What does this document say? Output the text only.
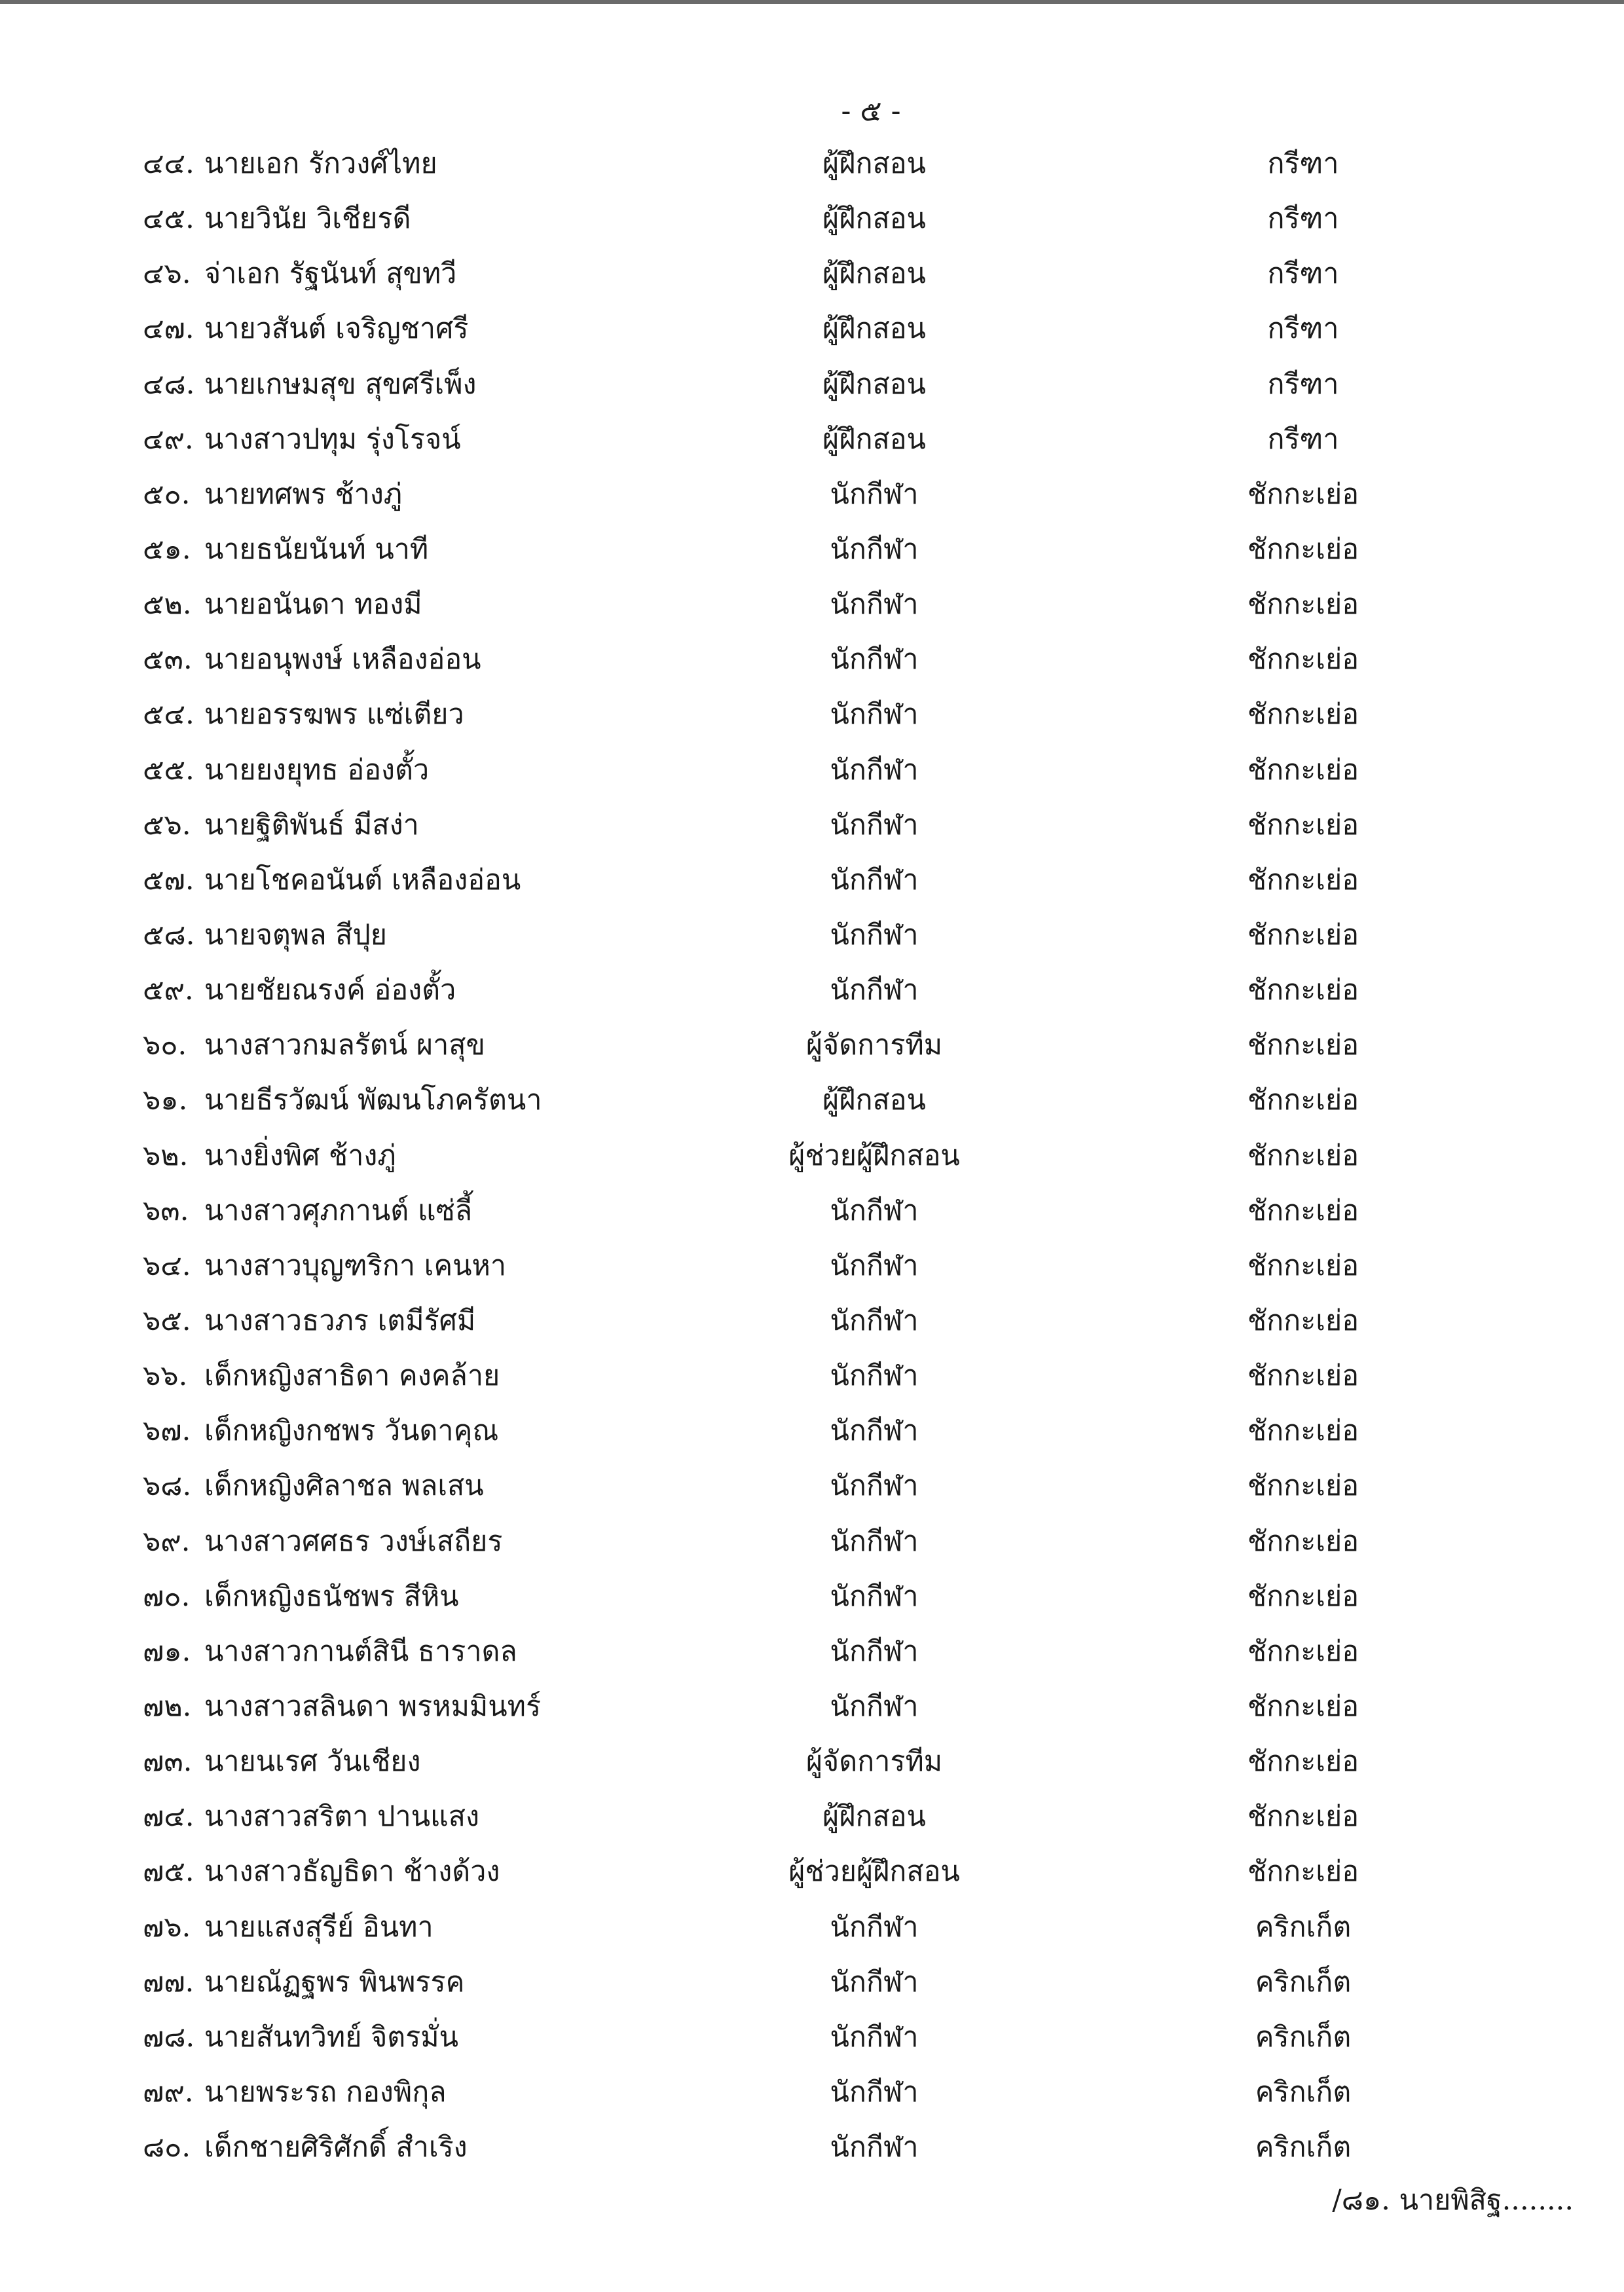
- ๕ -
๔๔. นายเอก รักวงศ์ไทย	ผู้ฝึกสอน	กรีฑา
๔๕. นายวินัย วิเชียรดี	ผู้ฝึกสอน	กรีฑา
๔๖. จ่าเอก รัฐนันท์ สุขทวี	ผู้ฝึกสอน	กรีฑา
๔๗. นายวสันต์ เจริญชาศรี	ผู้ฝึกสอน	กรีฑา
๔๘. นายเกษมสุข สุขศรีเพ็ง	ผู้ฝึกสอน	กรีฑา
๔๙. นางสาวปทุม รุ่งโรจน์	ผู้ฝึกสอน	กรีฑา
๕๐. นายทศพร ช้างภู่	นักกีฬา	ชักกะเย่อ
๕๑. นายธนัยนันท์ นาที	นักกีฬา	ชักกะเย่อ
๕๒. นายอนันดา ทองมี	นักกีฬา	ชักกะเย่อ
๕๓. นายอนุพงษ์ เหลืองอ่อน	นักกีฬา	ชักกะเย่อ
๕๔. นายอรรฆพร แซ่เตียว	นักกีฬา	ชักกะเย่อ
๕๕. นายยงยุทธ อ่องตั้ว	นักกีฬา	ชักกะเย่อ
๕๖. นายฐิติพันธ์ มีสง่า	นักกีฬา	ชักกะเย่อ
๕๗. นายโชคอนันต์ เหลืองอ่อน	นักกีฬา	ชักกะเย่อ
๕๘. นายจตุพล สีปุย	นักกีฬา	ชักกะเย่อ
๕๙. นายชัยณรงค์ อ่องตั้ว	นักกีฬา	ชักกะเย่อ
๖๐. นางสาวกมลรัตน์ ผาสุข	ผู้จัดการทีม	ชักกะเย่อ
๖๑. นายธีรวัฒน์ พัฒนโภครัตนา	ผู้ฝึกสอน	ชักกะเย่อ
๖๒. นางยิ่งพิศ ช้างภู่	ผู้ช่วยผู้ฝึกสอน	ชักกะเย่อ
๖๓. นางสาวศุภกานต์ แซ่ลี้	นักกีฬา	ชักกะเย่อ
๖๔. นางสาวบุญฑริกา เคนหา	นักกีฬา	ชักกะเย่อ
๖๕. นางสาวธวภร เตมีรัศมี	นักกีฬา	ชักกะเย่อ
๖๖. เด็กหญิงสาธิดา คงคล้าย	นักกีฬา	ชักกะเย่อ
๖๗. เด็กหญิงกชพร วันดาคุณ	นักกีฬา	ชักกะเย่อ
๖๘. เด็กหญิงศิลาชล พลเสน	นักกีฬา	ชักกะเย่อ
๖๙. นางสาวศศธร วงษ์เสถียร	นักกีฬา	ชักกะเย่อ
๗๐. เด็กหญิงธนัชพร สีหิน	นักกีฬา	ชักกะเย่อ
๗๑. นางสาวกานต์สินี ธาราดล	นักกีฬา	ชักกะเย่อ
๗๒. นางสาวสลินดา พรหมมินทร์	นักกีฬา	ชักกะเย่อ
๗๓. นายนเรศ วันเชียง	ผู้จัดการทีม	ชักกะเย่อ
๗๔. นางสาวสริตา ปานแสง	ผู้ฝึกสอน	ชักกะเย่อ
๗๕. นางสาวธัญธิดา ช้างด้วง	ผู้ช่วยผู้ฝึกสอน	ชักกะเย่อ
๗๖. นายแสงสุรีย์ อินทา	นักกีฬา	คริกเก็ต
๗๗. นายณัฏฐพร พินพรรค	นักกีฬา	คริกเก็ต
๗๘. นายสันทวิทย์ จิตรมั่น	นักกีฬา	คริกเก็ต
๗๙. นายพระรถ กองพิกุล	นักกีฬา	คริกเก็ต
๘๐. เด็กชายศิริศักดิ์ สำเริง	นักกีฬา	คริกเก็ต
/๘๑. นายพิสิฐ........
